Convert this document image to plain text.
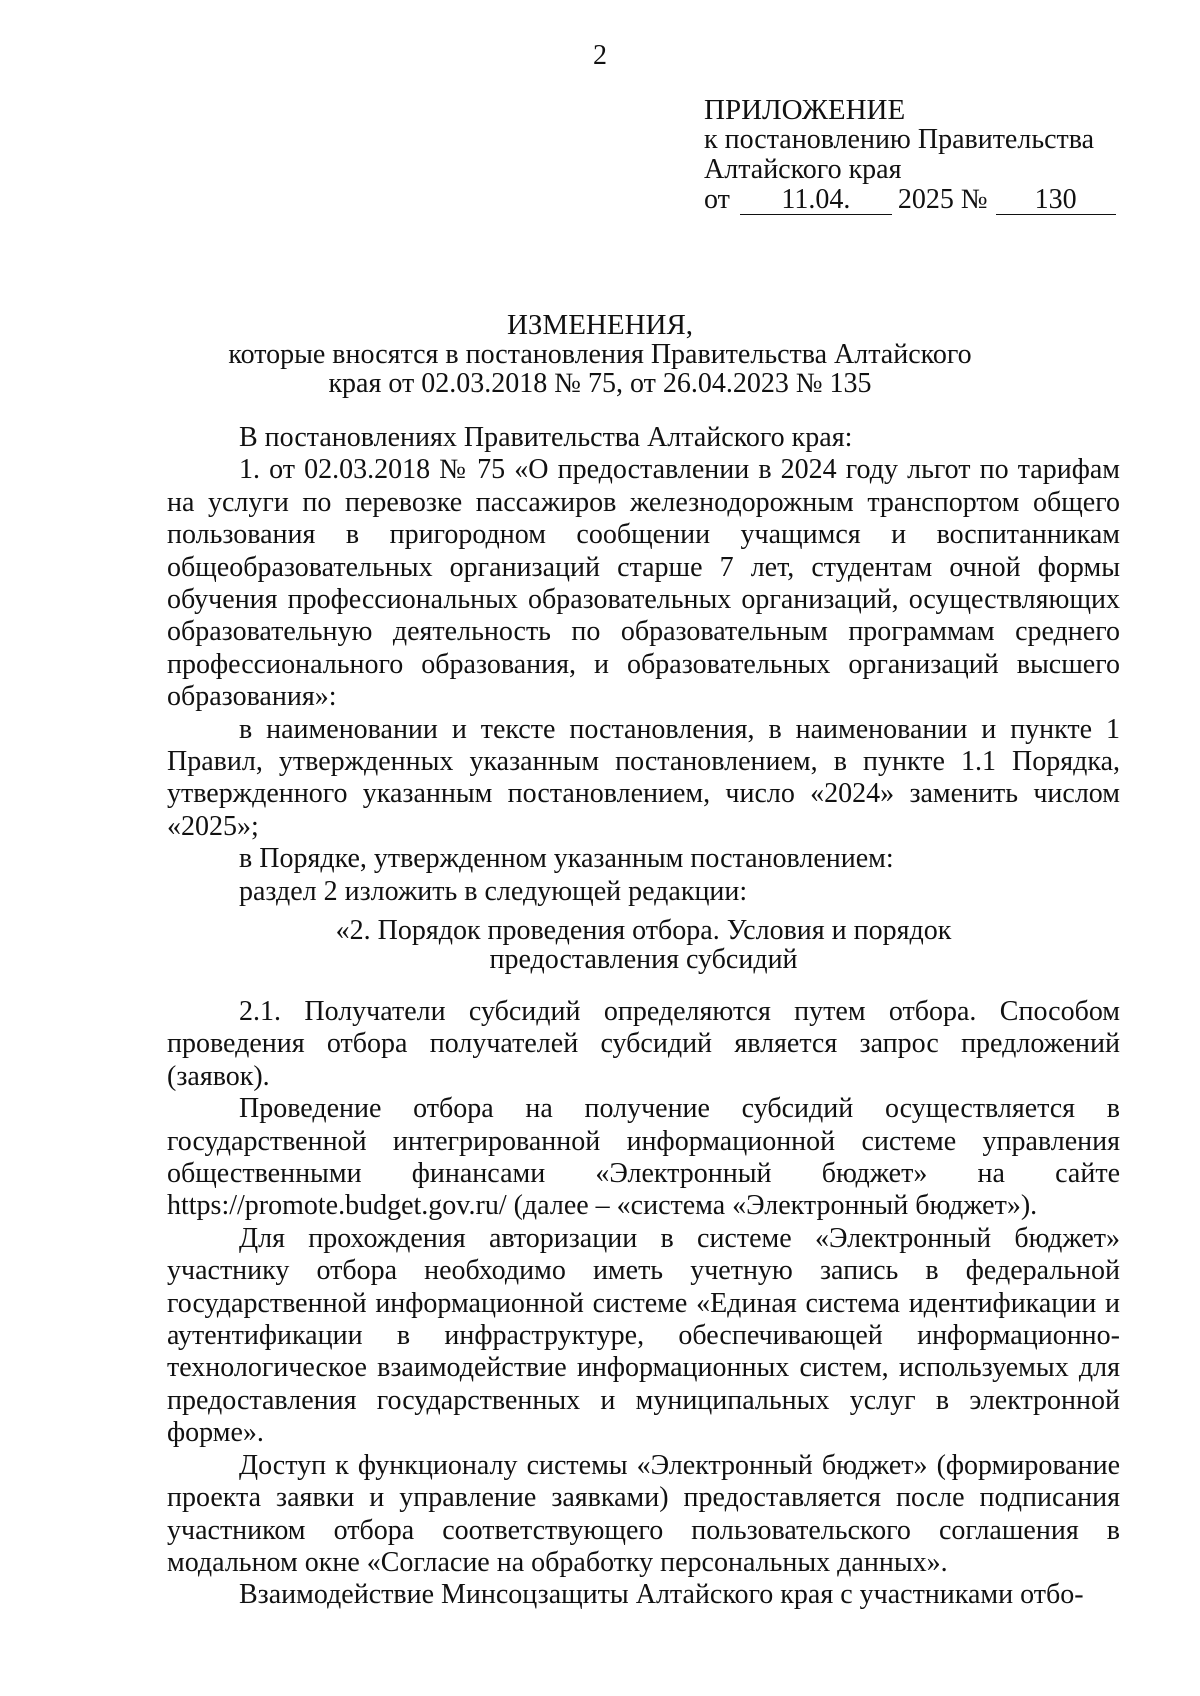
2
ПРИЛОЖЕНИЕ
к постановлению Правительства
Алтайского края
от 11.04. 2025 № 130
ИЗМЕНЕНИЯ,
которые вносятся в постановления Правительства Алтайского
края от 02.03.2018 № 75, от 26.04.2023 № 135

В постановлениях Правительства Алтайского края:

1. от 02.03.2018 № 75 «О предоставлении в 2024 году льгот по тарифам на услуги по перевозке пассажиров железнодорожным транспортом общего пользования в пригородном сообщении учащимся и воспитанникам общеобразовательных организаций старше 7 лет, студентам очной формы обучения профессиональных образовательных организаций, осуществляющих образовательную деятельность по образовательным программам среднего профессионального образования, и образовательных организаций высшего образования»:

в наименовании и тексте постановления, в наименовании и пункте 1 Правил, утвержденных указанным постановлением, в пункте 1.1 Порядка, утвержденного указанным постановлением, число «2024» заменить числом «2025»;

в Порядке, утвержденном указанным постановлением:

раздел 2 изложить в следующей редакции:

«2. Порядок проведения отбора. Условия и порядок
предоставления субсидий

2.1. Получатели субсидий определяются путем отбора. Способом проведения отбора получателей субсидий является запрос предложений (заявок).

Проведение отбора на получение субсидий осуществляется в государственной интегрированной информационной системе управления общественными финансами «Электронный бюджет» на сайте https://promote.budget.gov.ru/ (далее – «система «Электронный бюджет»).

Для прохождения авторизации в системе «Электронный бюджет» участнику отбора необходимо иметь учетную запись в федеральной государственной информационной системе «Единая система идентификации и аутентификации в инфраструктуре, обеспечивающей информационно-технологическое взаимодействие информационных систем, используемых для предоставления государственных и муниципальных услуг в электронной форме».

Доступ к функционалу системы «Электронный бюджет» (формирование проекта заявки и управление заявками) предоставляется после подписания участником отбора соответствующего пользовательского соглашения в модальном окне «Согласие на обработку персональных данных».

Взаимодействие Минсоцзащиты Алтайского края с участниками отбо-
